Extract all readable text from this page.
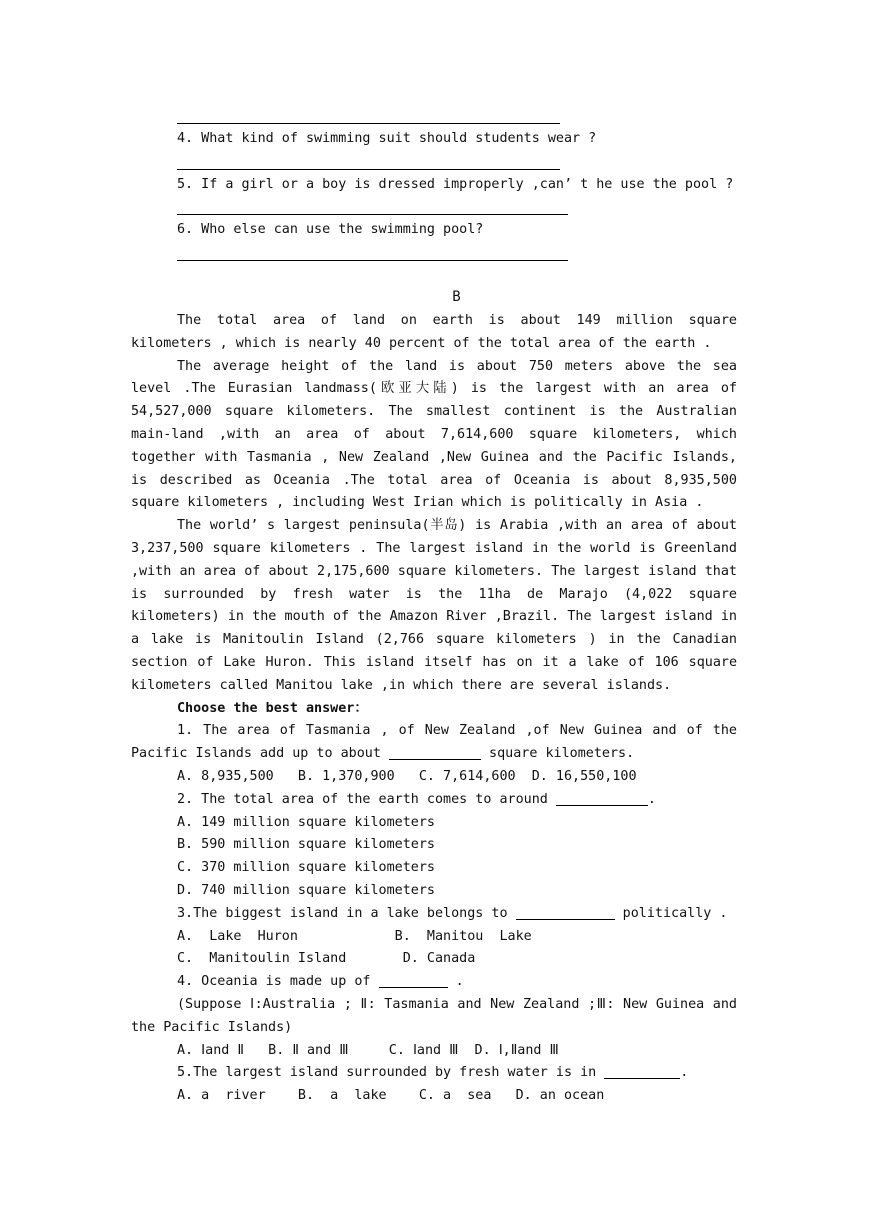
4. What kind of swimming suit should students wear ?
5. If a girl or a boy is dressed improperly ,can’ t he use the pool ?
6. Who else can use the swimming pool?
B

The total area of land on earth is about 149 million square kilometers , which is nearly 40 percent of the total area of the earth .

The average height of the land is about 750 meters above the sea level .The Eurasian landmass(欧亚大陆) is the largest with an area of 54,527,000 square kilometers. The smallest continent is the Australian main-land ,with an area of about 7,614,600 square kilometers, which together with Tasmania , New Zealand ,New Guinea and the Pacific Islands, is described as Oceania .The total area of Oceania is about 8,935,500 square kilometers , including West Irian which is politically in Asia .

The world’ s largest peninsula(半岛) is Arabia ,with an area of about 3,237,500 square kilometers . The largest island in the world is Greenland ,with an area of about 2,175,600 square kilometers. The largest island that is surrounded by fresh water is the 11ha de Marajo (4,022 square kilometers) in the mouth of the Amazon River ,Brazil. The largest island in a lake is Manitoulin Island (2,766 square kilometers ) in the Canadian section of Lake Huron. This island itself has on it a lake of 106 square kilometers called Manitou lake ,in which there are several islands.

Choose the best answer：

1. The area of Tasmania , of New Zealand ,of New Guinea and of the Pacific Islands add up to about	square kilometers.

A. 8,935,500   B. 1,370,900   C. 7,614,600  D. 16,550,100

2. The total area of the earth comes to around	.

A. 149 million square kilometers

B. 590 million square kilometers

C. 370 million square kilometers

D. 740 million square kilometers

3.The biggest island in a lake belongs to	politically .

A.  Lake  Huron            B.  Manitou  Lake

C.  Manitoulin Island       D. Canada

4. Oceania is made up of	.

(Suppose Ⅰ:Australia ; Ⅱ: Tasmania and New Zealand ;Ⅲ: New Guinea and the Pacific Islands)

A. Ⅰand Ⅱ   B. Ⅱ and Ⅲ     C. Ⅰand Ⅲ  D. Ⅰ,Ⅱand Ⅲ

5.The largest island surrounded by fresh water is in	.

A. a  river    B.  a  lake    C. a  sea   D. an ocean
